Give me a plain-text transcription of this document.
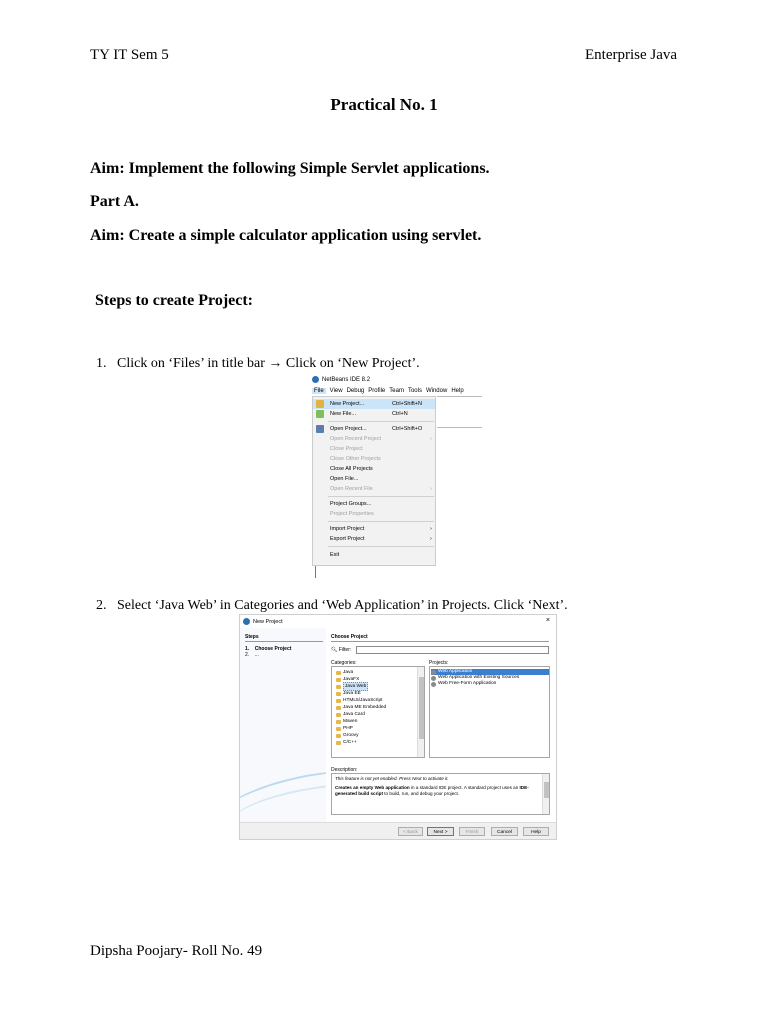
TY IT Sem 5	Enterprise Java
Practical No. 1
Aim: Implement the following Simple Servlet applications.
Part A.
Aim: Create a simple calculator application using servlet.
Steps to create Project:
1.   Click on ‘Files’ in title bar → Click on ‘New Project’.
NetBeans IDE 8.2
File	View Debug Profile Team Tools Window Help
New Project...	Ctrl+Shift+N
New File...	Ctrl+N
Open Project...	Ctrl+Shift+O
Open Recent Project	›
Close Project
Close Other Projects
Close All Projects
Open File...
Open Recent File	›
Project Groups...
Project Properties
Import Project	›
Export Project	›
Exit
2.   Select ‘Java Web’ in Categories and ‘Web Application’ in Projects. Click ‘Next’.
New Project	×
Steps
1.    Choose Project
2.    ...
Choose Project
🔍︎ Filter:
Categories:	Projects:
Java
JavaFX
Java Web
Java EE
HTML5/JavaScript
Java ME Embedded
Java Card
Maven
PHP
Groovy
C/C++
Web Application
Web Application with Existing Sources
Web Free-Form Application
Description:
This feature is not yet enabled. Press Next to activate it.
Creates an empty Web application in a standard IDE project. A standard project uses an IDE-generated build script to build, run, and debug your project.
< Back	Next >	Finish	Cancel	Help
Dipsha Poojary- Roll No. 49
